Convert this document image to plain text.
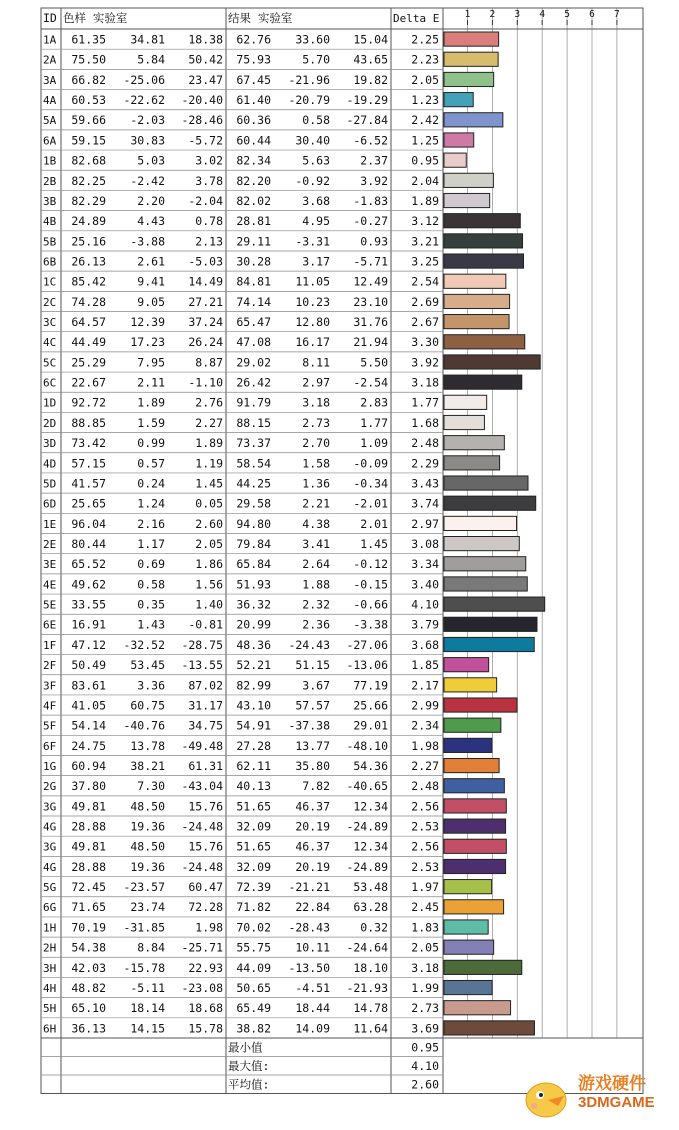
ID 色样 实验室	结果 实验室	Delta E	1 2 3 4 5 6 7
1A 61.35 34.81 18.38 62.76 33.60 15.04 2.25
2A 75.50	5.84 50.42 75.93	5.70 43.65 2.23
3A 66.82 -25.06 23.47 67.45 -21.96 19.82 2.05
4A 60.53 -22.62 -20.40 61.40 -20.79 -19.29 1.23
5A 59.66 -2.03 -28.46 60.36	0.58 -27.84 2.42
6A 59.15 30.83 -5.72 60.44 30.40 -6.52 1.25
1B 82.68	5.03	3.02 82.34	5.63	2.37 0.95
2B 82.25 -2.42	3.78 82.20 -0.92	3.92 2.04
3B 82.29	2.20 -2.04 82.02	3.68 -1.83 1.89
4B 24.89	4.43	0.78 28.81	4.95 -0.27 3.12
5B 25.16 -3.88	2.13 29.11 -3.31	0.93 3.21
6B 26.13	2.61 -5.03 30.28	3.17 -5.71 3.25
1C 85.42	9.41 14.49 84.81 11.05 12.49 2.54
2C 74.28	9.05 27.21 74.14 10.23 23.10 2.69
3C 64.57 12.39 37.24 65.47 12.80 31.76 2.67
4C 44.49 17.23 26.24 47.08 16.17 21.94 3.30
5C 25.29	7.95	8.87 29.02	8.11	5.50 3.92
6C 22.67	2.11 -1.10 26.42	2.97 -2.54 3.18
1D 92.72	1.89	2.76 91.79	3.18	2.83 1.77
2D 88.85	1.59	2.27 88.15	2.73	1.77 1.68
3D 73.42	0.99	1.89 73.37	2.70	1.09 2.48
4D 57.15	0.57	1.19 58.54	1.58 -0.09 2.29
5D 41.57	0.24	1.45 44.25	1.36 -0.34 3.43
6D 25.65	1.24	0.05 29.58	2.21 -2.01 3.74
1E 96.04	2.16	2.60 94.80	4.38	2.01 2.97
2E 80.44	1.17	2.05 79.84	3.41	1.45 3.08
3E 65.52	0.69	1.86 65.84	2.64 -0.12 3.34
4E 49.62	0.58	1.56 51.93	1.88 -0.15 3.40
5E 33.55	0.35	1.40 36.32	2.32 -0.66 4.10
6E 16.91	1.43 -0.81 20.99	2.36 -3.38 3.79
1F 47.12 -32.52 -28.75 48.36 -24.43 -27.06 3.68
2F 50.49 53.45 -13.55 52.21 51.15 -13.06 1.85
3F 83.61	3.36 87.02 82.99	3.67 77.19 2.17
4F 41.05 60.75 31.17 43.10 57.57 25.66 2.99
5F 54.14 -40.76 34.75 54.91 -37.38 29.01 2.34
6F 24.75 13.78 -49.48 27.28 13.77 -48.10 1.98
1G 60.94 38.21 61.31 62.11 35.80 54.36 2.27
2G 37.80	7.30 -43.04 40.13	7.82 -40.65 2.48
3G 49.81 48.50 15.76 51.65 46.37 12.34 2.56
4G 28.88 19.36 -24.48 32.09 20.19 -24.89 2.53
3G 49.81 48.50 15.76 51.65 46.37 12.34 2.56
4G 28.88 19.36 -24.48 32.09 20.19 -24.89 2.53
5G 72.45 -23.57 60.47 72.39 -21.21 53.48 1.97
6G 71.65 23.74 72.28 71.82 22.84 63.28 2.45
1H 70.19 -31.85	1.98 70.02 -28.43	0.32 1.83
2H 54.38	8.84 -25.71 55.75 10.11 -24.64 2.05
3H 42.03 -15.78 22.93 44.09 -13.50 18.10 3.18
4H 48.82 -5.11 -23.08 50.65 -4.51 -21.93 1.99
5H 65.10 18.14 18.68 65.49 18.44 14.78 2.73
6H 36.13 14.15 15.78 38.82 14.09 11.64 3.69
最小值	0.95
最大值:	4.10
平均值:	2.60	游戏硬件
3DMGAME
